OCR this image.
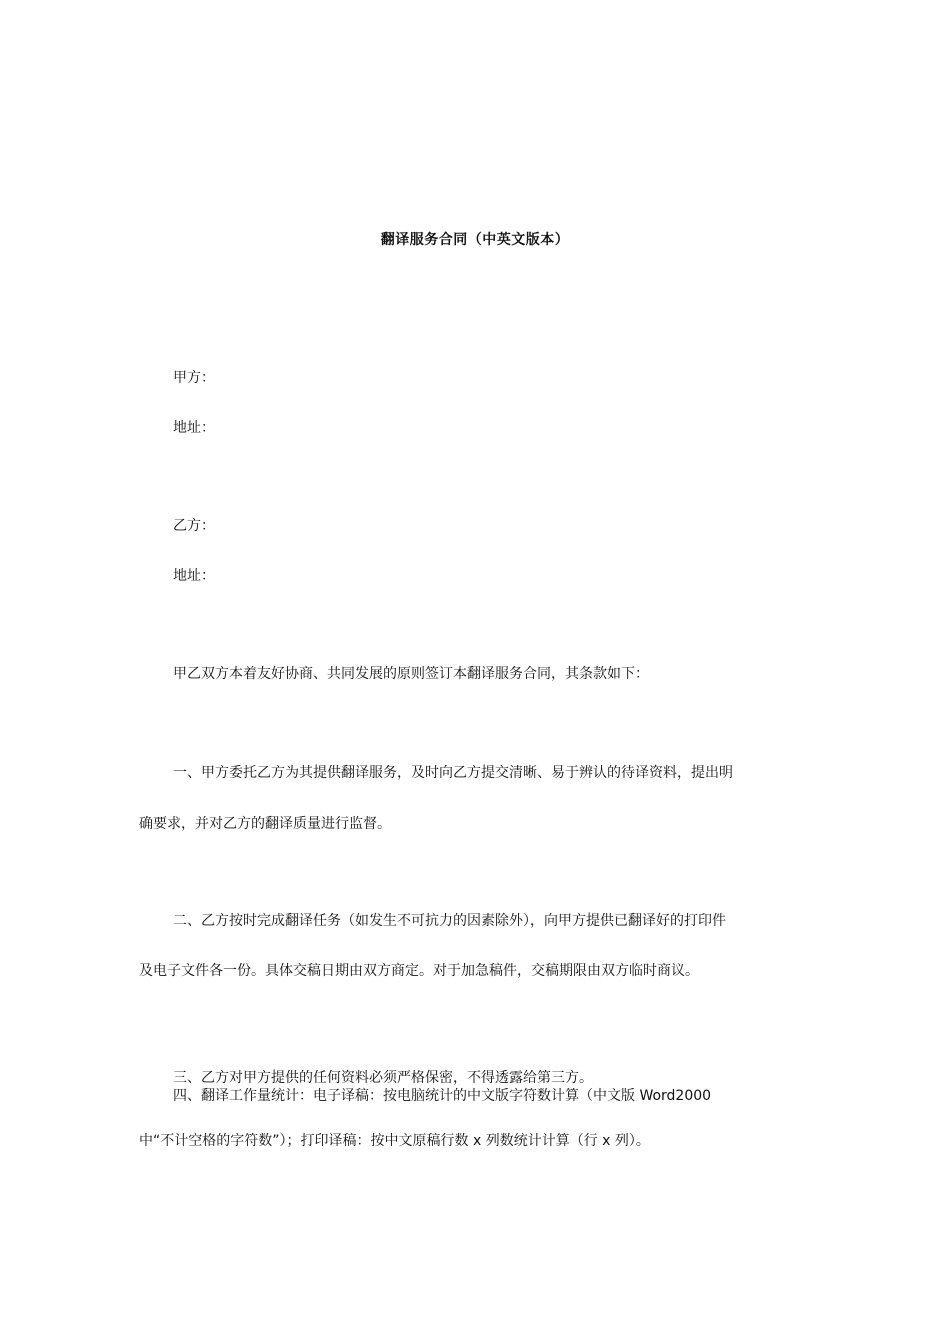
翻译服务合同（中英文版本）
甲方：
地址：
乙方：
地址：
甲乙双方本着友好协商、共同发展的原则签订本翻译服务合同，其条款如下：
一、甲方委托乙方为其提供翻译服务，及时向乙方提交清晰、易于辨认的待译资料，提出明
确要求，并对乙方的翻译质量进行监督。
二、乙方按时完成翻译任务（如发生不可抗力的因素除外），向甲方提供已翻译好的打印件
及电子文件各一份。具体交稿日期由双方商定。对于加急稿件，交稿期限由双方临时商议。
三、乙方对甲方提供的任何资料必须严格保密，不得透露给第三方。
四、翻译工作量统计：电子译稿：按电脑统计的中文版字符数计算（中文版 Word2000
中“不计空格的字符数”）；打印译稿：按中文原稿行数 x 列数统计计算（行 x 列）。
